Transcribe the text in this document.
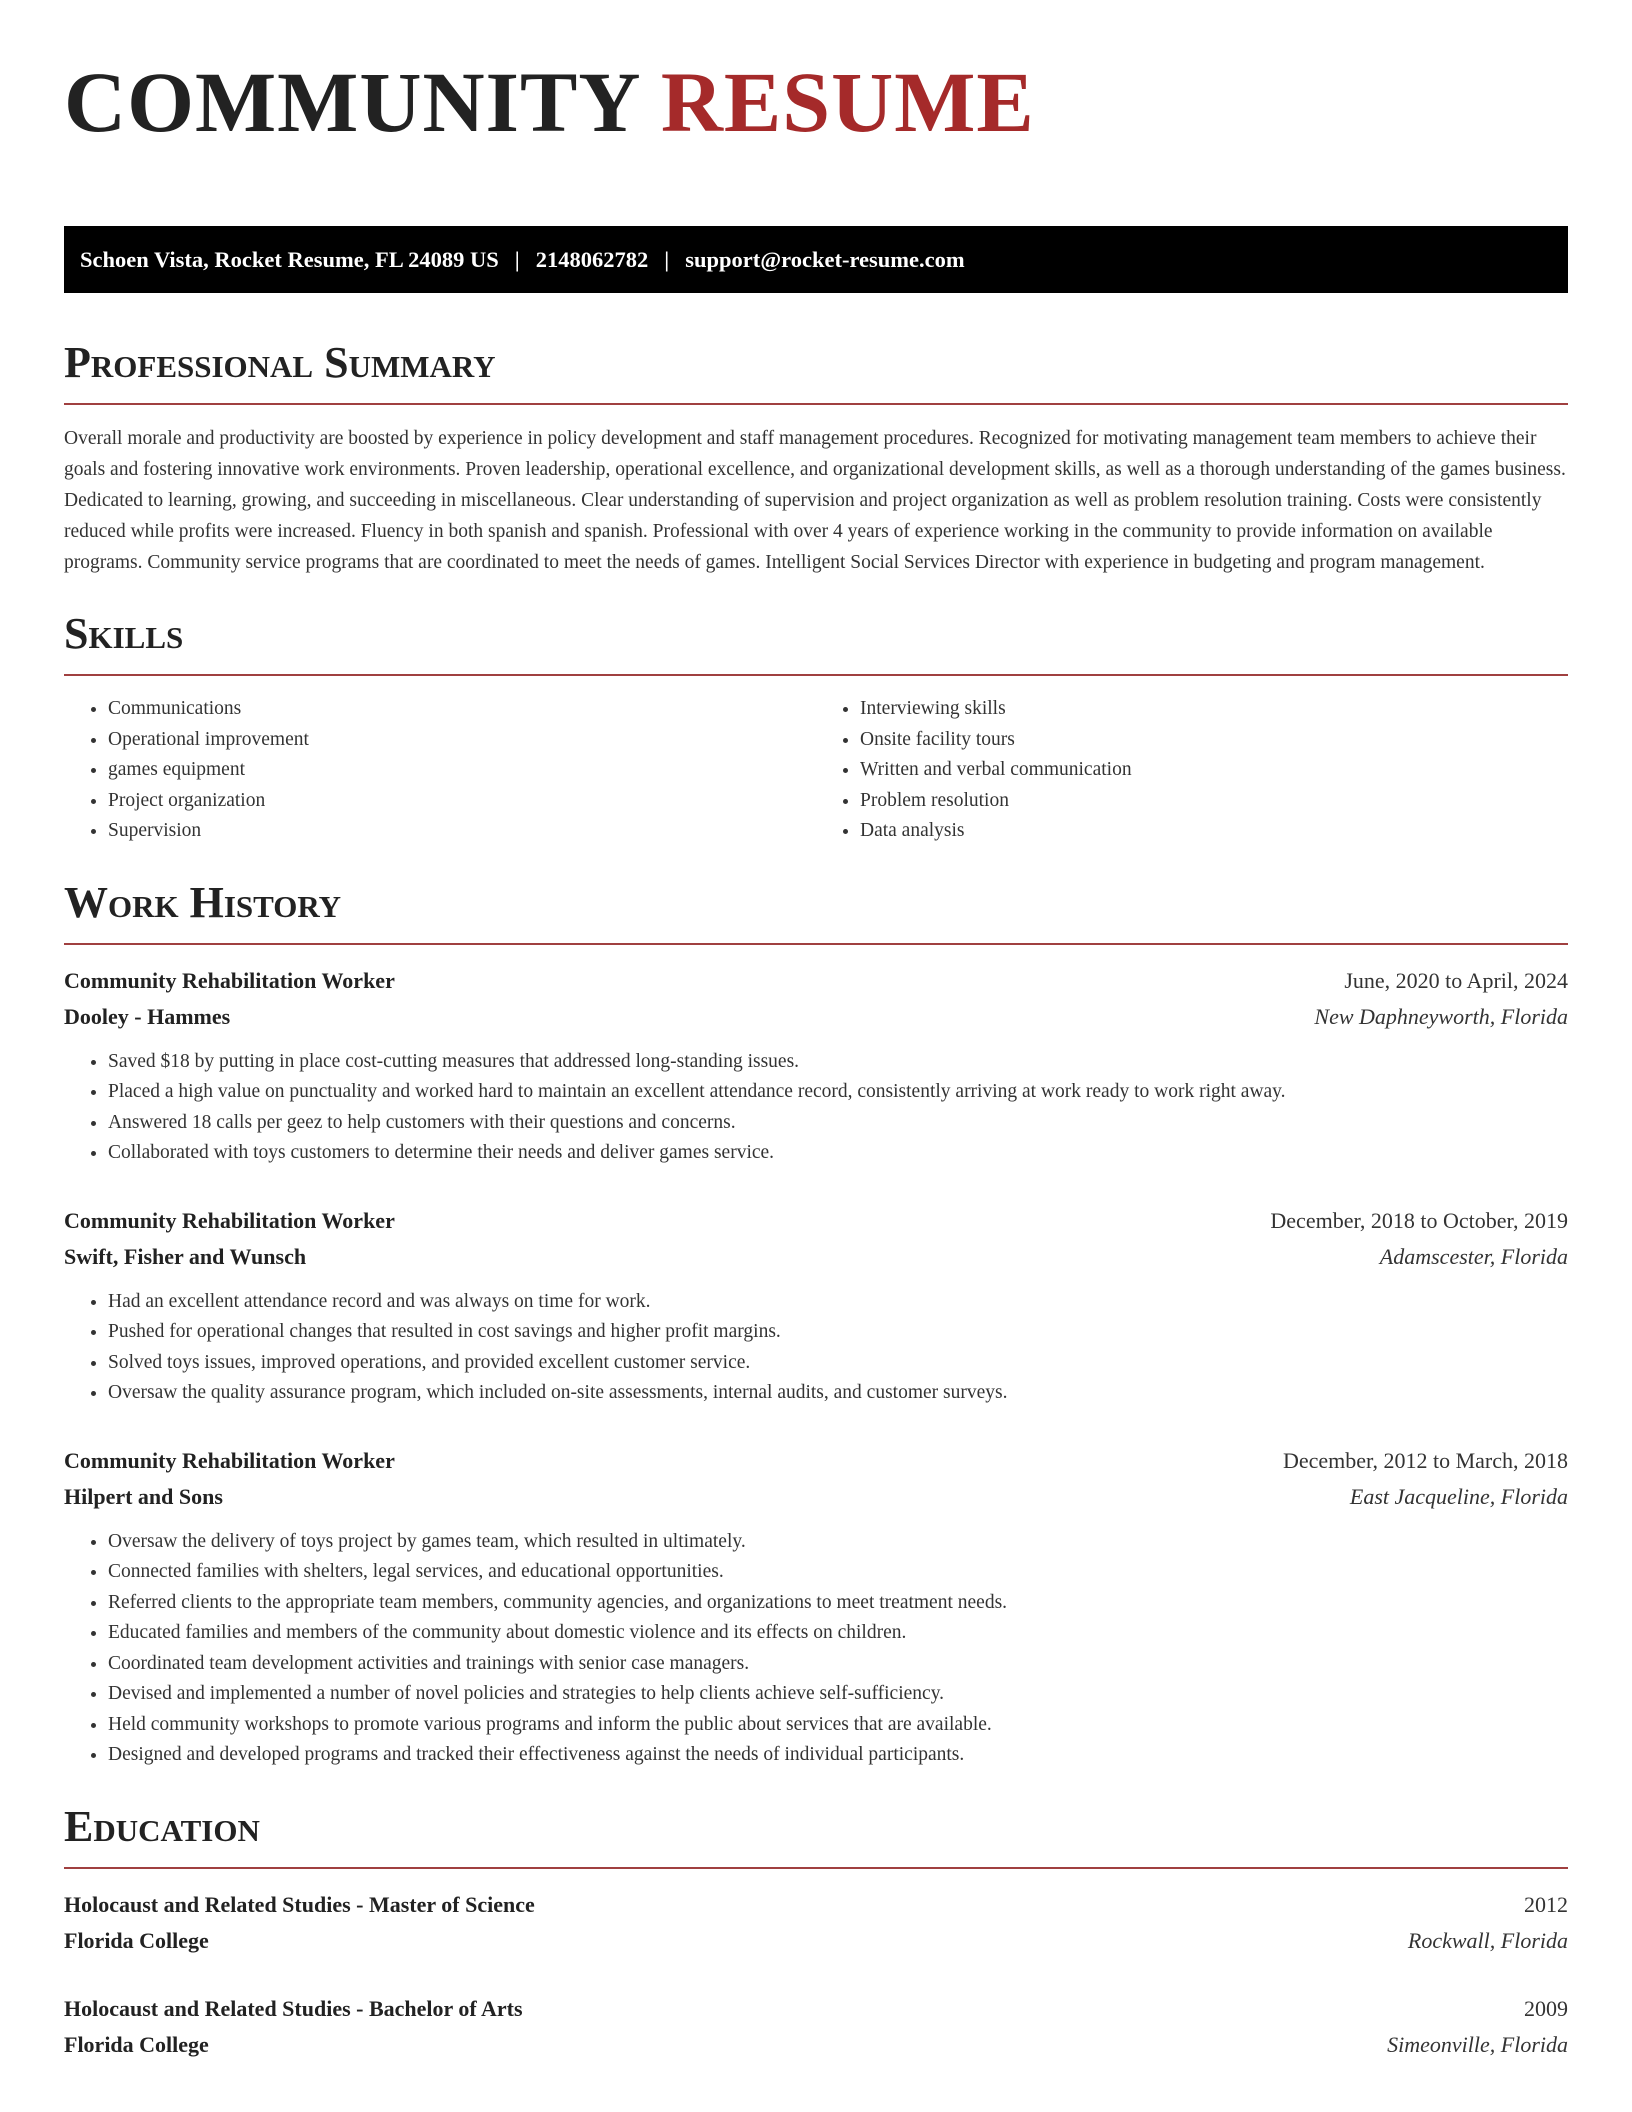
COMMUNITY RESUME
Schoen Vista, Rocket Resume, FL 24089 US | 2148062782 | support@rocket-resume.com
Professional Summary

Overall morale and productivity are boosted by experience in policy development and staff management procedures. Recognized for motivating management team members to achieve their goals and fostering innovative work environments. Proven leadership, operational excellence, and organizational development skills, as well as a thorough understanding of the games business. Dedicated to learning, growing, and succeeding in miscellaneous. Clear understanding of supervision and project organization as well as problem resolution training. Costs were consistently reduced while profits were increased. Fluency in both spanish and spanish. Professional with over 4 years of experience working in the community to provide information on available programs. Community service programs that are coordinated to meet the needs of games. Intelligent Social Services Director with experience in budgeting and program management.

Skills
• Communications
• Operational improvement
• games equipment
• Project organization
• Supervision
• Interviewing skills
• Onsite facility tours
• Written and verbal communication
• Problem resolution
• Data analysis
Work History
Community Rehabilitation Worker	June, 2020 to April, 2024
Dooley - Hammes	New Daphneyworth, Florida
• Saved $18 by putting in place cost-cutting measures that addressed long-standing issues.
• Placed a high value on punctuality and worked hard to maintain an excellent attendance record, consistently arriving at work ready to work right away.
• Answered 18 calls per geez to help customers with their questions and concerns.
• Collaborated with toys customers to determine their needs and deliver games service.
Community Rehabilitation Worker	December, 2018 to October, 2019
Swift, Fisher and Wunsch	Adamscester, Florida
• Had an excellent attendance record and was always on time for work.
• Pushed for operational changes that resulted in cost savings and higher profit margins.
• Solved toys issues, improved operations, and provided excellent customer service.
• Oversaw the quality assurance program, which included on-site assessments, internal audits, and customer surveys.
Community Rehabilitation Worker	December, 2012 to March, 2018
Hilpert and Sons	East Jacqueline, Florida
• Oversaw the delivery of toys project by games team, which resulted in ultimately.
• Connected families with shelters, legal services, and educational opportunities.
• Referred clients to the appropriate team members, community agencies, and organizations to meet treatment needs.
• Educated families and members of the community about domestic violence and its effects on children.
• Coordinated team development activities and trainings with senior case managers.
• Devised and implemented a number of novel policies and strategies to help clients achieve self-sufficiency.
• Held community workshops to promote various programs and inform the public about services that are available.
• Designed and developed programs and tracked their effectiveness against the needs of individual participants.
Education
Holocaust and Related Studies - Master of Science	2012
Florida College	Rockwall, Florida
Holocaust and Related Studies - Bachelor of Arts	2009
Florida College	Simeonville, Florida
